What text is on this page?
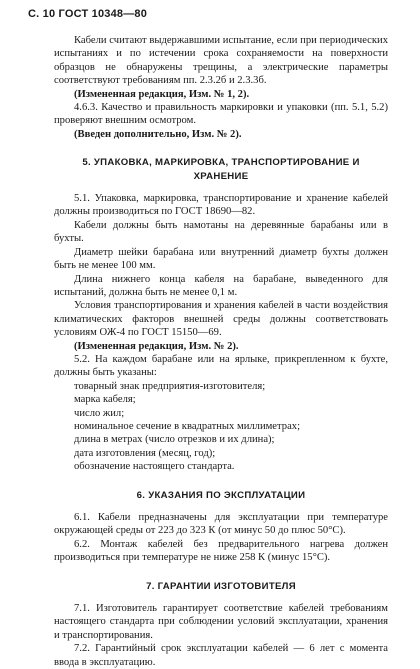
С. 10 ГОСТ 10348—80

Кабели считают выдержавшими испытание, если при периодических испытаниях и по истечении срока сохраняемости на поверхности образцов не обнаружены трещины, а электрические параметры соответствуют требованиям пп. 2.3.2б и 2.3.3б.

(Измененная редакция, Изм. № 1, 2).

4.6.3. Качество и правильность маркировки и упаковки (пп. 5.1, 5.2) проверяют внешним осмотром.

(Введен дополнительно, Изм. № 2).

5. УПАКОВКА, МАРКИРОВКА, ТРАНСПОРТИРОВАНИЕ И ХРАНЕНИЕ

5.1. Упаковка, маркировка, транспортирование и хранение кабелей должны производиться по ГОСТ 18690—82.

Кабели должны быть намотаны на деревянные барабаны или в бухты.

Диаметр шейки барабана или внутренний диаметр бухты должен быть не менее 100 мм.

Длина нижнего конца кабеля на барабане, выведенного для испытаний, должна быть не менее 0,1 м.

Условия транспортирования и хранения кабелей в части воздействия климатических факторов внешней среды должны соответствовать условиям ОЖ-4 по ГОСТ 15150—69.

(Измененная редакция, Изм. № 2).

5.2. На каждом барабане или на ярлыке, прикрепленном к бухте, должны быть указаны:

товарный знак предприятия-изготовителя;

марка кабеля;

число жил;

номинальное сечение в квадратных миллиметрах;

длина в метрах (число отрезков и их длина);

дата изготовления (месяц, год);

обозначение настоящего стандарта.

6. УКАЗАНИЯ ПО ЭКСПЛУАТАЦИИ

6.1. Кабели предназначены для эксплуатации при температуре окружающей среды от 223 до 323 К (от минус 50 до плюс 50°С).

6.2. Монтаж кабелей без предварительного нагрева должен производиться при температуре не ниже 258 К (минус 15°С).

7. ГАРАНТИИ ИЗГОТОВИТЕЛЯ

7.1. Изготовитель гарантирует соответствие кабелей требованиям настоящего стандарта при соблюдении условий эксплуатации, хранения и транспортирования.

7.2. Гарантийный срок эксплуатации кабелей — 6 лет с момента ввода в эксплуатацию.
